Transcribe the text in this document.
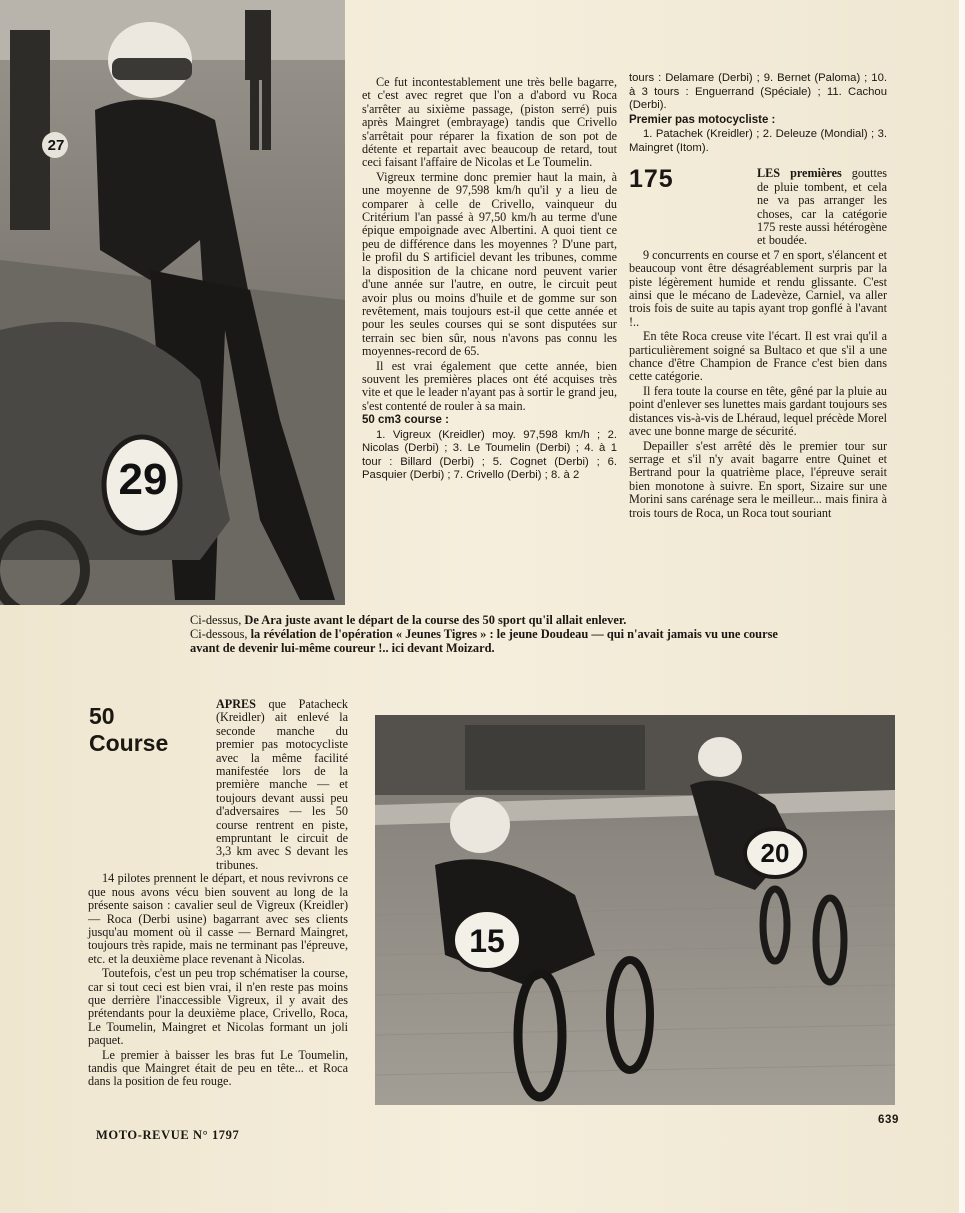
29
27

Ce fut incontestablement une très belle bagarre, et c'est avec regret que l'on a d'abord vu Roca s'arrêter au sixième passage, (piston serré) puis après Maingret (embrayage) tandis que Crivello s'arrêtait pour réparer la fixation de son pot de détente et repartait avec beaucoup de retard, tout ceci faisant l'affaire de Nicolas et Le Toumelin.

Vigreux termine donc premier haut la main, à une moyenne de 97,598 km/h qu'il y a lieu de comparer à celle de Crivello, vainqueur du Critérium l'an passé à 97,50 km/h au terme d'une épique empoignade avec Albertini. A quoi tient ce peu de différence dans les moyennes ? D'une part, le profil du S artificiel devant les tribunes, comme la disposition de la chicane nord peuvent varier d'une année sur l'autre, en outre, le circuit peut avoir plus ou moins d'huile et de gomme sur son revêtement, mais toujours est-il que cette année et pour les seules courses qui se sont disputées sur terrain sec bien sûr, nous n'avons pas connu les moyennes-record de 65.

Il est vrai également que cette année, bien souvent les premières places ont été acquises très vite et que le leader n'ayant pas à sortir le grand jeu, s'est contenté de rouler à sa main.

50 cm3 course :

1. Vigreux (Kreidler) moy. 97,598 km/h ; 2. Nicolas (Derbi) ; 3. Le Toumelin (Derbi) ; 4. à 1 tour : Billard (Derbi) ; 5. Cognet (Derbi) ; 6. Pasquier (Derbi) ; 7. Crivello (Derbi) ; 8. à 2

tours : Delamare (Derbi) ; 9. Bernet (Paloma) ; 10. à 3 tours : Enguerrand (Spéciale) ; 11. Cachou (Derbi).

Premier pas motocycliste :

1. Patachek (Kreidler) ; 2. Deleuze (Mondial) ; 3. Maingret (Itom).

175	LES premières gouttes de pluie tombent, et cela ne va pas arranger les choses, car la catégorie 175 reste aussi hétérogène et boudée.

9 concurrents en course et 7 en sport, s'élancent et beaucoup vont être désagréablement surpris par la piste légèrement humide et rendu glissante. C'est ainsi que le mécano de Ladevèze, Carniel, va aller trois fois de suite au tapis ayant trop gonflé à l'avant !..

En tête Roca creuse vite l'écart. Il est vrai qu'il a particulièrement soigné sa Bultaco et que s'il a une chance d'être Champion de France c'est bien dans cette catégorie.

Il fera toute la course en tête, gêné par la pluie au point d'enlever ses lunettes mais gardant toujours ses distances vis-à-vis de Lhéraud, lequel précède Morel avec une bonne marge de sécurité.

Depailler s'est arrêté dès le premier tour sur serrage et s'il n'y avait bagarre entre Quinet et Bertrand pour la quatrième place, l'épreuve serait bien monotone à suivre. En sport, Sizaire sur une Morini sans carénage sera le meilleur... mais finira à trois tours de Roca, un Roca tout souriant

Ci-dessus, De Ara juste avant le départ de la course des 50 sport qu'il allait enlever.
Ci-dessous, la révélation de l'opération « Jeunes Tigres » : le jeune Doudeau — qui n'avait jamais vu une course avant de devenir lui-même coureur !.. ici devant Moizard.
50
Course

APRES que Patacheck (Kreidler) ait enlevé la seconde manche du premier pas motocycliste avec la même facilité manifestée lors de la première manche — et toujours devant aussi peu d'adversaires — les 50 course rentrent en piste, empruntant le circuit de 3,3 km avec S devant les tribunes.

14 pilotes prennent le départ, et nous revivrons ce que nous avons vécu bien souvent au long de la présente saison : cavalier seul de Vigreux (Kreidler) — Roca (Derbi usine) bagarrant avec ses clients jusqu'au moment où il casse — Bernard Maingret, toujours très rapide, mais ne terminant pas l'épreuve, etc. et la deuxième place revenant à Nicolas.

Toutefois, c'est un peu trop schématiser la course, car si tout ceci est bien vrai, il n'en reste pas moins que derrière l'inaccessible Vigreux, il y avait des prétendants pour la deuxième place, Crivello, Roca, Le Toumelin, Maingret et Nicolas formant un joli paquet.

Le premier à baisser les bras fut Le Toumelin, tandis que Maingret était de peu en tête... et Roca dans la position de feu rouge.

15
20
MOTO-REVUE N° 1797
639
